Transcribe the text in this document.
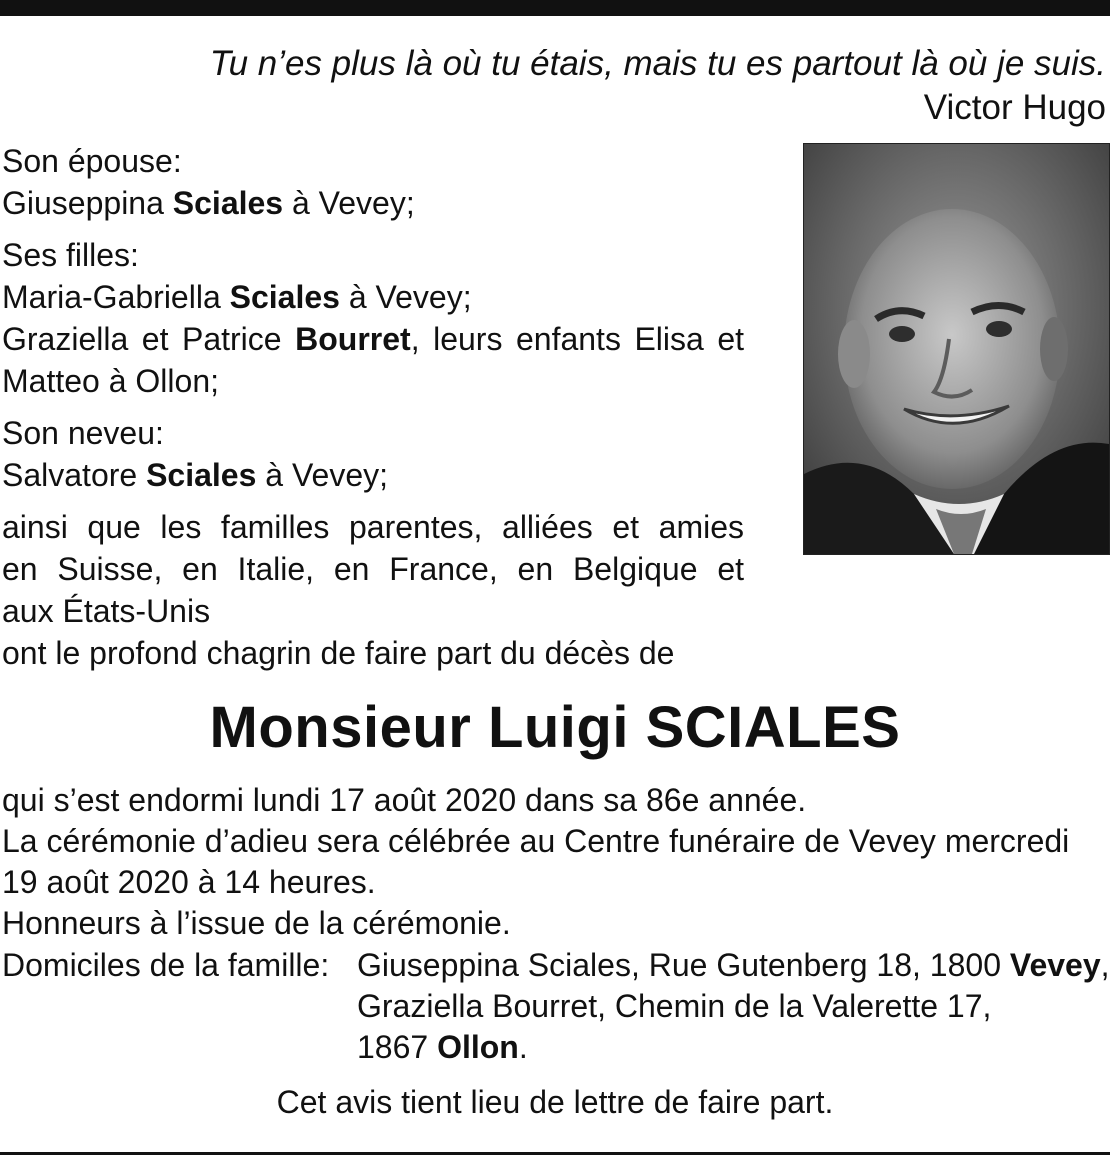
Tu n’es plus là où tu étais, mais tu es partout là où je suis.
Victor Hugo
Son épouse:
Giuseppina Sciales à Vevey;
Ses filles:
Maria-Gabriella Sciales à Vevey;
Graziella et Patrice Bourret, leurs enfants Elisa et
Matteo à Ollon;
Son neveu:
Salvatore Sciales à Vevey;
ainsi que les familles parentes, alliées et amies
en Suisse, en Italie, en France, en Belgique et
aux États-Unis
ont le profond chagrin de faire part du décès de
Monsieur Luigi SCIALES
qui s’est endormi lundi 17 août 2020 dans sa 86e année.
La cérémonie d’adieu sera célébrée au Centre funéraire de Vevey mercredi
19 août 2020 à 14 heures.
Honneurs à l’issue de la cérémonie.
Domiciles de la famille: Giuseppina Sciales, Rue Gutenberg 18, 1800 Vevey,
Graziella Bourret, Chemin de la Valerette 17,
1867 Ollon.
Cet avis tient lieu de lettre de faire part.
